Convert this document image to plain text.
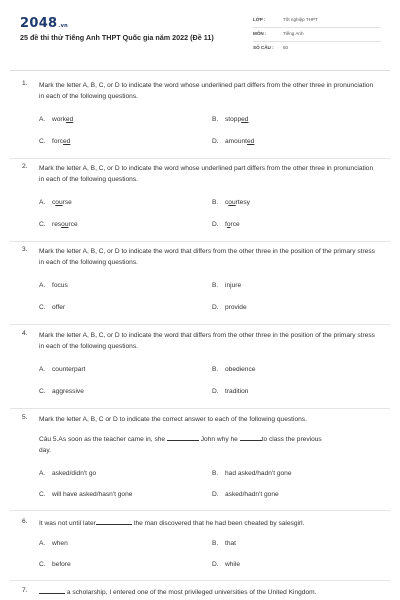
2048.vn
25 đề thi thử Tiếng Anh THPT Quốc gia năm 2022 (Đề 11)
LỚP :	Tốt nghiệp THPT
MÔN :	Tiếng Anh
SỐ CÂU : 50
1. Mark the letter A, B, C, or D to indicate the word whose underlined part differs from the other three in pronunciation in each of the following questions.
A. worked	B. stopped
C. forced	D. amounted
2. Mark the letter A, B, C, or D to indicate the word whose underlined part differs from the other three in pronunciation in each of the following questions.
A. course	B. courtesy
C. resource	D. force
3. Mark the letter A, B, C, or D to indicate the word that differs from the other three in the position of the primary stress in each of the following questions.
A. focus	B. injure
C. offer	D. provide
4. Mark the letter A, B, C, or D to indicate the word that differs from the other three in the position of the primary stress in each of the following questions.
A. counterpart	B. obedience
C. aggressive	D. tradition
5. Mark the letter A, B, C or D to indicate the correct answer to each of the following questions.
Câu 5.As soon as the teacher came in, she	John why he	to class the previous
day.
A. asked/didn't go	B. had asked/hadn't gone
C. will have asked/hasn't gone	D. asked/hadn't gone
6. It was not until later	the man discovered that he had been cheated by salesgirl.
A. when	B. that
C. before	D. while
7.	a scholarship, I entered one of the most privileged universities of the United Kingdom.
